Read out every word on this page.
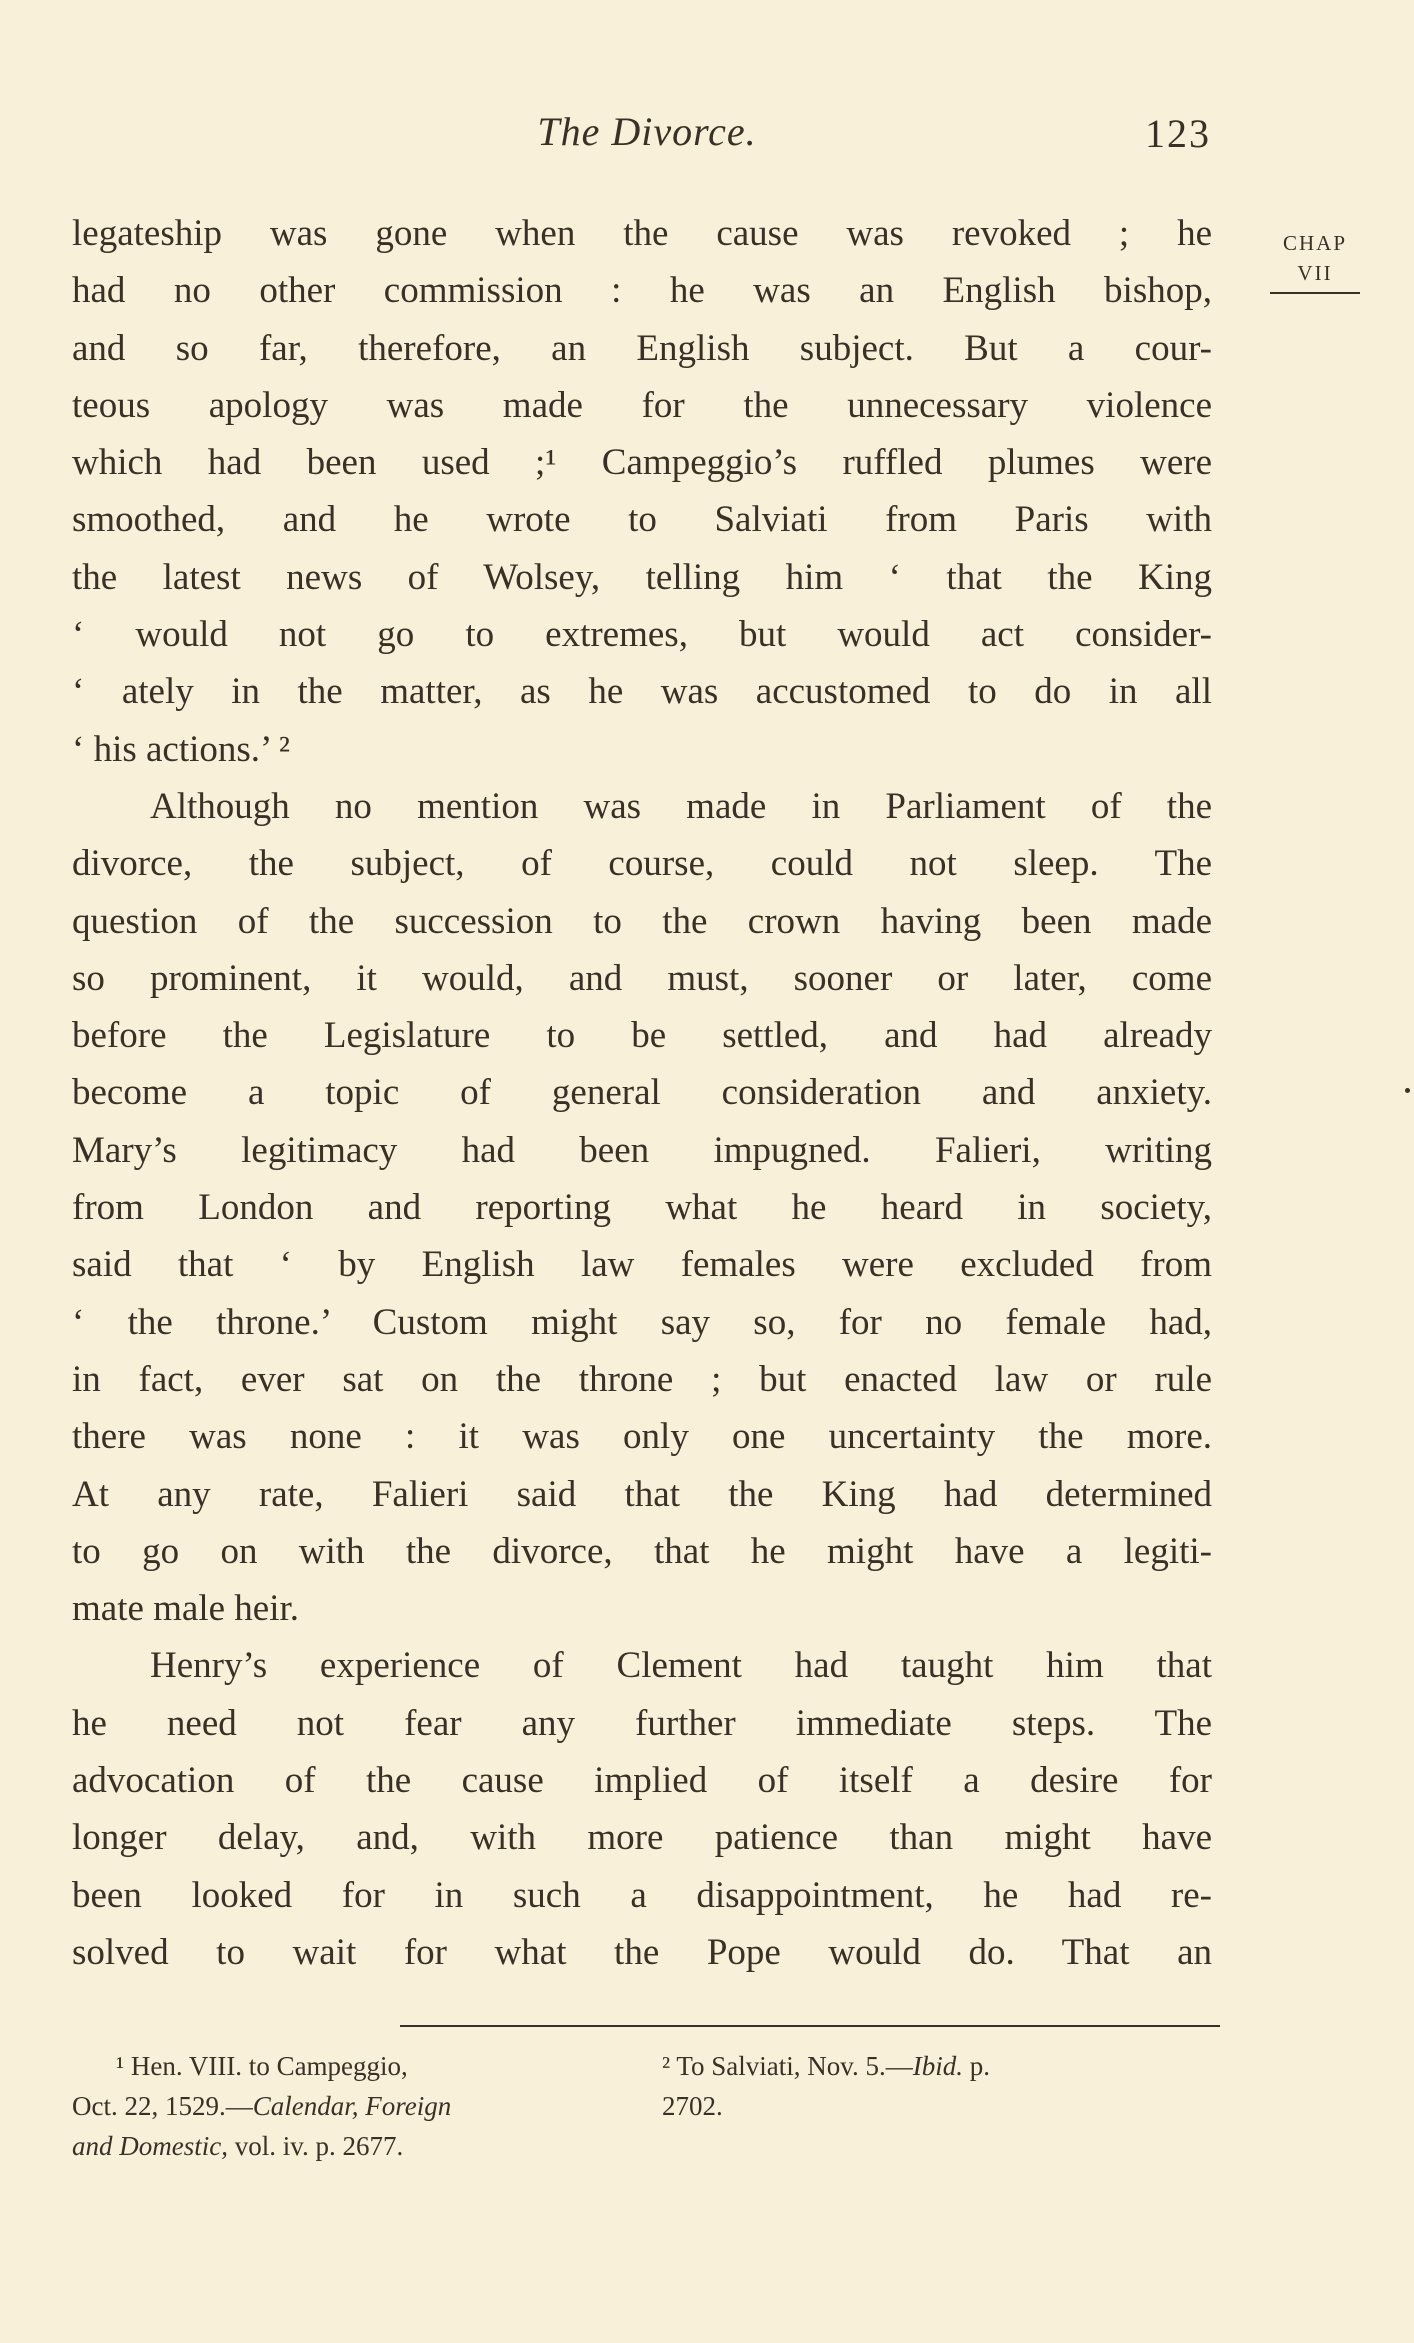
The Divorce.	123
CHAP
VII
legateship was gone when the cause was revoked ; he
had no other commission : he was an English bishop,
and so far, therefore, an English subject. But a cour-
teous apology was made for the unnecessary violence
which had been used ;¹ Campeggio’s ruffled plumes were
smoothed, and he wrote to Salviati from Paris with
the latest news of Wolsey, telling him ‘ that the King
‘ would not go to extremes, but would act consider-
‘ ately in the matter, as he was accustomed to do in all
‘ his actions.’ ²
Although no mention was made in Parliament of the
divorce, the subject, of course, could not sleep. The
question of the succession to the crown having been made
so prominent, it would, and must, sooner or later, come
before the Legislature to be settled, and had already
become a topic of general consideration and anxiety.
Mary’s legitimacy had been impugned. Falieri, writing
from London and reporting what he heard in society,
said that ‘ by English law females were excluded from
‘ the throne.’ Custom might say so, for no female had,
in fact, ever sat on the throne ; but enacted law or rule
there was none : it was only one uncertainty the more.
At any rate, Falieri said that the King had determined
to go on with the divorce, that he might have a legiti-
mate male heir.
Henry’s experience of Clement had taught him that
he need not fear any further immediate steps. The
advocation of the cause implied of itself a desire for
longer delay, and, with more patience than might have
been looked for in such a disappointment, he had re-
solved to wait for what the Pope would do. That an
¹ Hen. VIII. to Campeggio,
Oct. 22, 1529.—Calendar, Foreign
and Domestic, vol. iv. p. 2677.
² To Salviati, Nov. 5.—Ibid. p.
2702.
